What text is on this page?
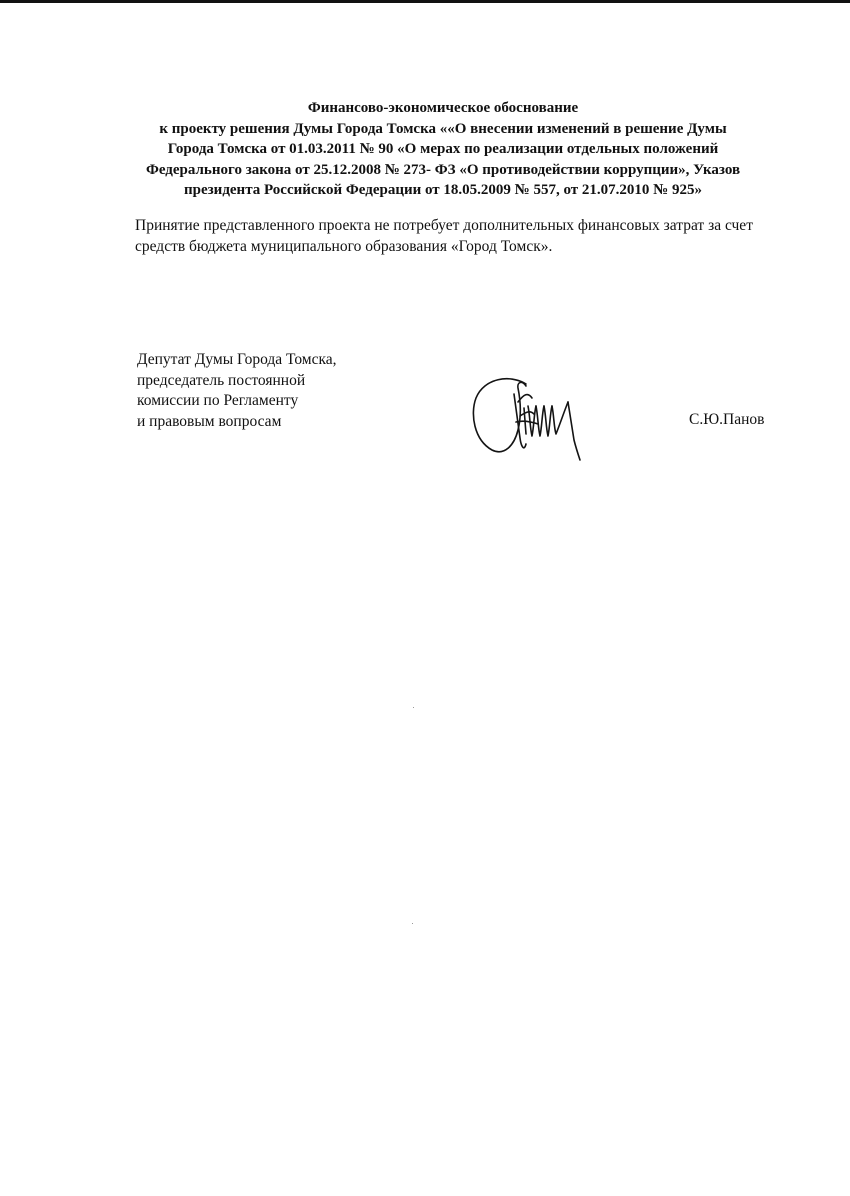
Финансово-экономическое обоснование
к проекту решения Думы Города Томска ««О внесении изменений в решение Думы
Города Томска от 01.03.2011 № 90 «О мерах по реализации отдельных положений
Федерального закона от 25.12.2008 № 273- ФЗ «О противодействии коррупции», Указов
президента Российской Федерации от 18.05.2009 № 557, от 21.07.2010 № 925»
Принятие представленного проекта не потребует дополнительных финансовых затрат за счет
средств бюджета муниципального образования «Город Томск».
Депутат Думы Города Томска,
председатель постоянной
комиссии по Регламенту
и правовым вопросам	С.Ю.Панов
